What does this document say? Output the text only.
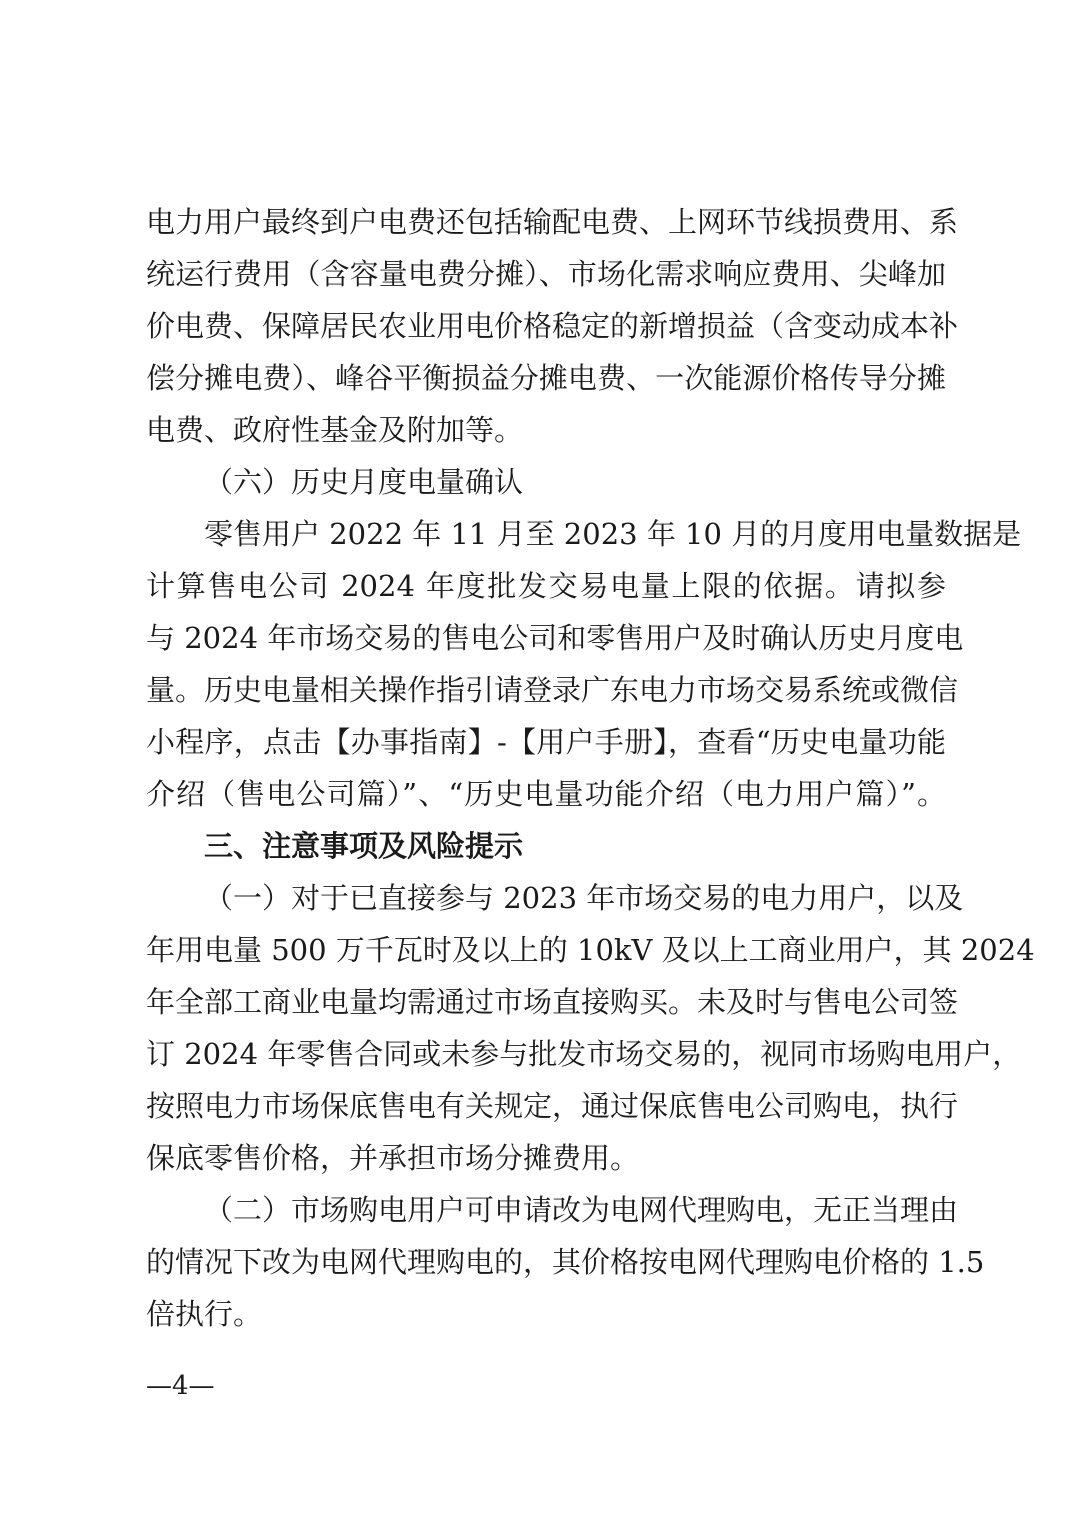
电力用户最终到户电费还包括输配电费、上网环节线损费用、系
统运行费用（含容量电费分摊）、市场化需求响应费用、尖峰加
价电费、保障居民农业用电价格稳定的新增损益（含变动成本补
偿分摊电费）、峰谷平衡损益分摊电费、一次能源价格传导分摊
电费、政府性基金及附加等。
（六）历史月度电量确认
零售用户 2022 年 11 月至 2023 年 10 月的月度用电量数据是
计算售电公司 2024 年度批发交易电量上限的依据。请拟参
与 2024 年市场交易的售电公司和零售用户及时确认历史月度电
量。历史电量相关操作指引请登录广东电力市场交易系统或微信
小程序，点击【办事指南】-【用户手册】，查看“历史电量功能
介绍（售电公司篇）”、“历史电量功能介绍（电力用户篇）”。
三、注意事项及风险提示
（一）对于已直接参与 2023 年市场交易的电力用户，以及
年用电量 500 万千瓦时及以上的 10kV 及以上工商业用户，其 2024
年全部工商业电量均需通过市场直接购买。未及时与售电公司签
订 2024 年零售合同或未参与批发市场交易的，视同市场购电用户，
按照电力市场保底售电有关规定，通过保底售电公司购电，执行
保底零售价格，并承担市场分摊费用。
（二）市场购电用户可申请改为电网代理购电，无正当理由
的情况下改为电网代理购电的，其价格按电网代理购电价格的 1.5
倍执行。
—4—
